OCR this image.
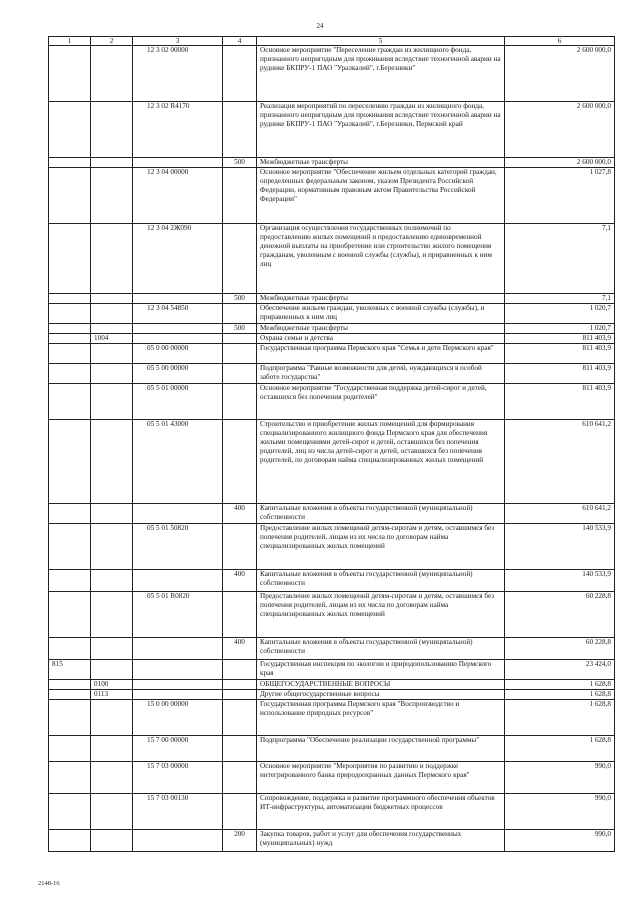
24
1	2	3	4	5	6
		12 3 02 00000		Основное мероприятие "Переселение граждан из жилищного фонда, признанного непригодным для проживания вследствие техногенной аварии на руднике БКПРУ-1 ПАО "Уралкалий", г.Березники"	2 600 000,0
		12 3 02 R4170		Реализация мероприятий по переселению граждан из жилищного фонда, признанного непригодным для проживания вследствие техногенной аварии на руднике БКПРУ-1 ПАО "Уралкалий", г.Березники, Пермский край	2 600 000,0
			500	Межбюджетные трансферты	2 600 000,0
		12 3 04 00000		Основное мероприятие "Обеспечение жильем отдельных категорий граждан, определенных федеральным законом, указом Президента Российской Федерации, нормативным правовым актом Правительства Российской Федерации"	1 027,8
		12 3 04 2Ж090		Организация осуществления государственных полномочий по предоставлению жилых помещений и предоставлению единовременной денежной выплаты на приобретение или строительство жилого помещения гражданам, уволенным с военной службы (службы), и приравненных к ним лиц	7,1
			500	Межбюджетные трансферты	7,1
		12 3 04 54850		Обеспечение жильем граждан, уволенных с военной службы (службы), и приравненных к ним лиц	1 020,7
			500	Межбюджетные трансферты	1 020,7
	1004			Охрана семьи и детства	811 403,9
		05 0 00 00000		Государственная программа Пермского края "Семья и дети Пермского края"	811 403,9
		05 5 00 00000		Подпрограмма "Равные возможности для детей, нуждающихся в особой заботе государства"	811 403,9
		05 5 01 00000		Основное мероприятие "Государственная поддержка детей-сирот и детей, оставшихся без попечения родителей"	811 403,9
		05 5 01 43000		Строительство и приобретение жилых помещений для формирования специализированного жилищного фонда Пермского края для обеспечения жилыми помещениями детей-сирот и детей, оставшихся без попечения родителей, лиц из числа детей-сирот и детей, оставшихся без попечения родителей, по договорам найма специализированных жилых помещений	610 641,2
			400	Капитальные вложения в объекты государственной (муниципальной) собственности	610 641,2
		05 5 01 50820		Предоставление жилых помещений детям-сиротам и детям, оставшимся без попечения родителей, лицам из их числа по договорам найма специализированных жилых помещений	140 533,9
			400	Капитальные вложения в объекты государственной (муниципальной) собственности	140 533,9
		05 5 01 R0820		Предоставление жилых помещений детям-сиротам и детям, оставшимся без попечения родителей, лицам из их числа по договорам найма специализированных жилых помещений	60 228,8
			400	Капитальные вложения в объекты государственной (муниципальной) собственности	60 228,8
815				Государственная инспекция по экологии и природопользованию Пермского края	23 424,0
	0100			ОБЩЕГОСУДАРСТВЕННЫЕ ВОПРОСЫ	1 628,8
	0113			Другие общегосударственные вопросы	1 628,8
		15 0 00 00000		Государственная программа Пермского края "Воспроизводство и использование природных ресурсов"	1 628,8
		15 7 00 00000		Подпрограмма "Обеспечение реализации государственной программы"	1 628,8
		15 7 03 00000		Основное мероприятие "Мероприятия по развитию и поддержке интегрированного банка природоохранных данных Пермского края"	990,0
		15 7 03 00130		Сопровождение, поддержка и развитие программного обеспечения объектов ИТ-инфраструктуры, автоматизации бюджетных процессов	990,0
			200	Закупка товаров, работ и услуг для обеспечения государственных (муниципальных) нужд	990,0
2148-16
